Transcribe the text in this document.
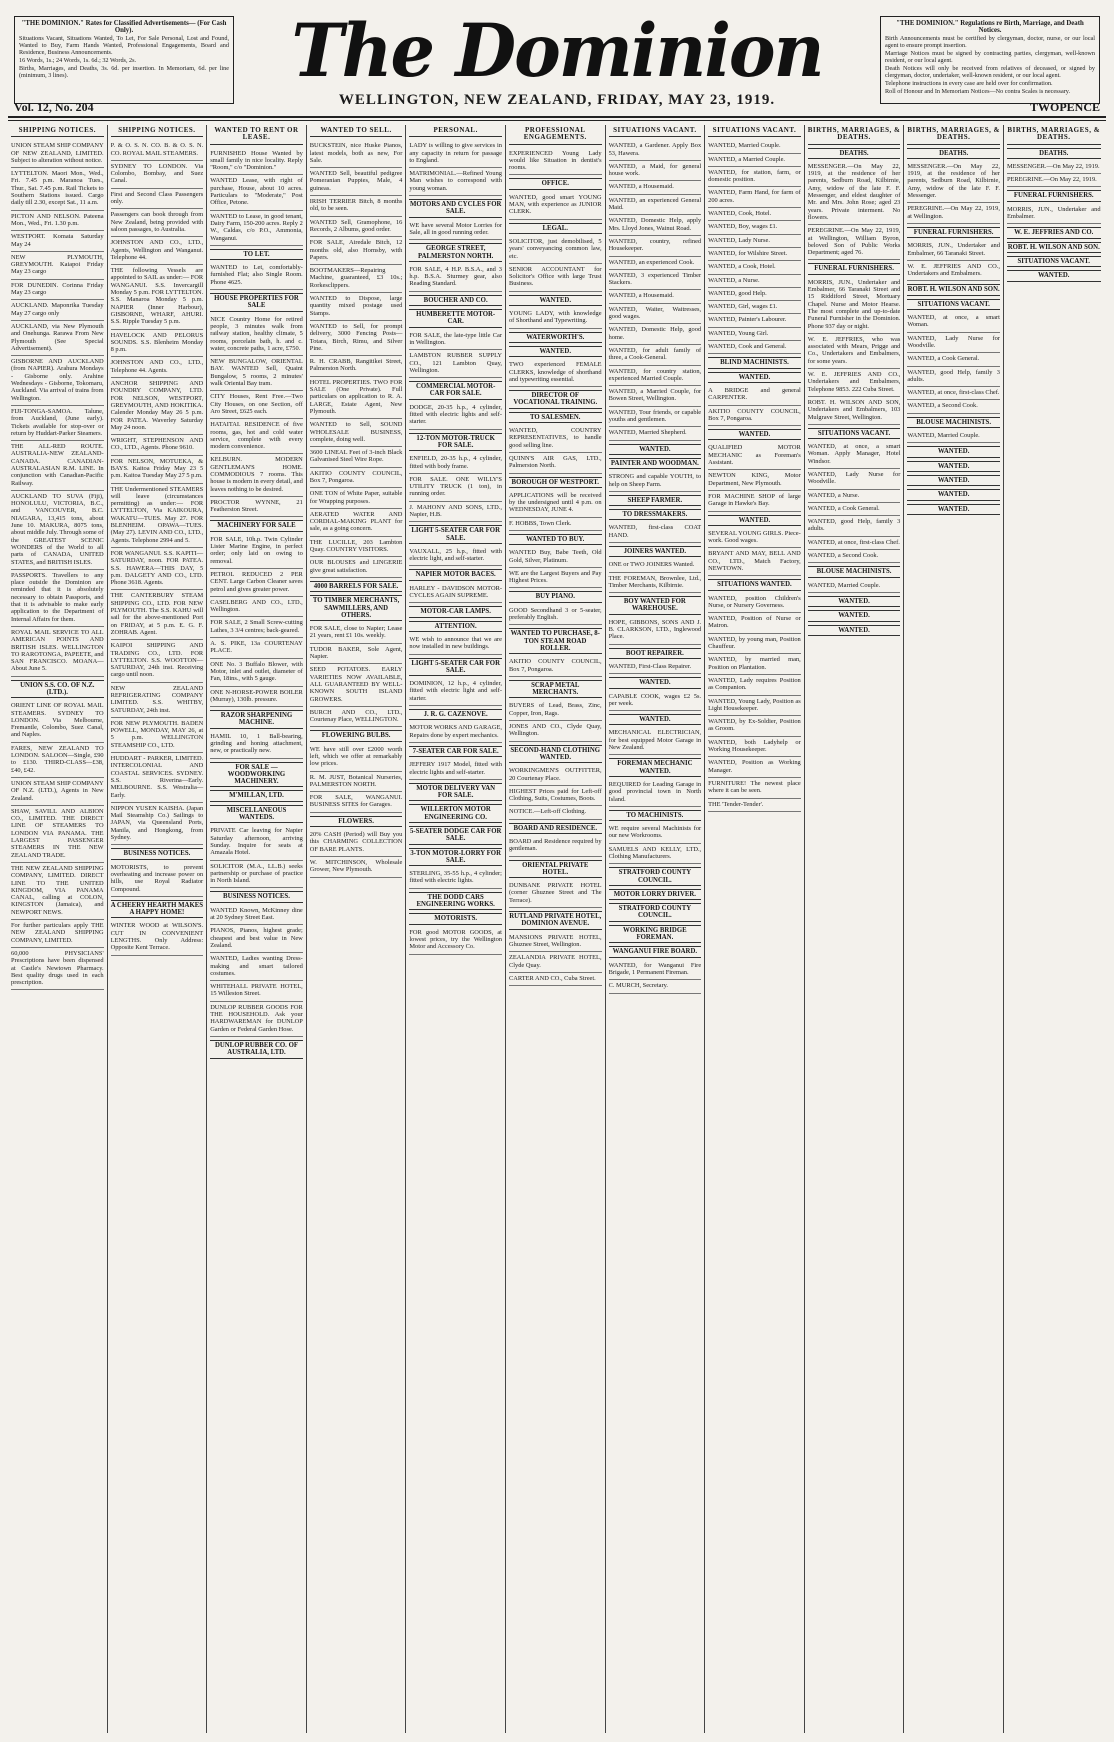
"THE DOMINION." Rates for Classified Advertisements— (For Cash Only).

Situations Vacant, Situations Wanted, To Let, For Sale Personal, Lost and Found, Wanted to Buy, Farm Hands Wanted, Professional Engagements, Board and Residence, Business Announcements.

16 Words, 1s.; 24 Words, 1s. 6d.; 32 Words, 2s.

Births, Marriages, and Deaths, 3s. 6d. per insertion. In Memoriam, 6d. per line (minimum, 3 lines).	The Dominion	"THE DOMINION." Regulations re Birth, Marriage, and Death Notices.

Birth Announcements must be certified by clergyman, doctor, nurse, or our local agent to ensure prompt insertion.

Marriage Notices must be signed by contracting parties, clergyman, well-known resident, or our local agent.

Death Notices will only be received from relatives of deceased, or signed by clergyman, doctor, undertaker, well-known resident, or our local agent.

Telephone instructions in every case are held over for confirmation.

Roll of Honour and In Memoriam Notices—No contra Scales is necessary.

WELLINGTON, NEW ZEALAND, FRIDAY, MAY 23, 1919.
Vol. 12, No. 204	TWOPENCE
SHIPPING NOTICES.
UNION STEAM SHIP COMPANY OF NEW ZEALAND, LIMITED. Subject to alteration without notice.
LYTTELTON. Maori Mon., Wed., Fri. 7.45 p.m. Maranoa Tues., Thur., Sat. 7.45 p.m. Rail Tickets to Southern Stations issued. Cargo daily till 2.30, except Sat., 11 a.m.
PICTON AND NELSON. Pateena Mon., Wed., Fri. 1.30 p.m.
WESTPORT. Komata Saturday May 24
NEW PLYMOUTH, GREYMOUTH. Kaiapoi Friday May 23 cargo
FOR DUNEDIN. Corinna Friday May 23 cargo
AUCKLAND. Maponrika Tuesday May 27 cargo only
AUCKLAND, via New Plymouth and Onehunga. Rarawa From New Plymouth (See Special Advertisement).
GISBORNE AND AUCKLAND (from NAPIER). Arahura Mondays - Gisborne only. Arahine Wednesdays - Gisborne, Tokomaru, Auckland. Via arrival of trains from Wellington.
FIJI-TONGA-SAMOA. Talune, from Auckland, (June early). Tickets available for stop-over or return by Huddart-Parker Steamers.
THE ALL-RED ROUTE. AUSTRALIA-NEW ZEALAND-CANADA. CANADIAN-AUSTRALASIAN R.M. LINE. In conjunction with Canadian-Pacific Railway.
AUCKLAND TO SUVA (Fiji), HONOLULU, VICTORIA, B.C., and VANCOUVER, B.C. NIAGARA, 13,415 tons, about June 10. MAKURA, 8075 tons, about middle July. Through some of the GREATEST SCENIC WONDERS of the World to all parts of CANADA, UNITED STATES, and BRITISH ISLES.
PASSPORTS. Travellers to any place outside the Dominion are reminded that it is absolutely necessary to obtain Passports, and that it is advisable to make early application to the Department of Internal Affairs for them.
ROYAL MAIL SERVICE TO ALL AMERICAN POINTS AND BRITISH ISLES. WELLINGTON TO RAROTONGA, PAPEETE, and SAN FRANCISCO. MOANA—About June 5.
UNION S.S. CO. OF N.Z. (LTD.).
ORIENT LINE OF ROYAL MAIL STEAMERS. SYDNEY TO LONDON. Via Melbourne, Fremantle, Colombo, Suez Canal, and Naples.
FARES, NEW ZEALAND TO LONDON. SALOON—Single, £90 to £130. THIRD-CLASS—£38, £40, £42.
UNION STEAM SHIP COMPANY OF N.Z. (LTD.), Agents in New Zealand.
SHAW, SAVILL AND ALBION CO., LIMITED. THE DIRECT LINE OF STEAMERS TO LONDON VIA PANAMA. THE LARGEST PASSENGER STEAMERS IN THE NEW ZEALAND TRADE.
THE NEW ZEALAND SHIPPING COMPANY, LIMITED. DIRECT LINE TO THE UNITED KINGDOM, VIA PANAMA CANAL, calling at COLON, KINGSTON (Jamaica), and NEWPORT NEWS.
For further particulars apply THE NEW ZEALAND SHIPPING COMPANY, LIMITED.
60,000 PHYSICIANS' Prescriptions have been dispensed at Castle's Newtown Pharmacy. Best quality drugs used in each prescription.
SHIPPING NOTICES.
P. & O. S. N. CO. B. & O. S. N. CO. ROYAL MAIL STEAMERS.
SYDNEY TO LONDON. Via Colombo, Bombay, and Suez Canal.
First and Second Class Passengers only.
Passengers can book through from New Zealand, being provided with saloon passages, to Australia.
JOHNSTON AND CO., LTD., Agents, Wellington and Wanganui. Telephone 44.
THE following Vessels are appointed to SAIL as under:— FOR WANGANUI. S.S. Invercargill Monday 5 p.m. FOR LYTTELTON. S.S. Manaroa Monday 5 p.m. NAPIER (Inner Harbour), GISBORNE, WHARF, AHURI. S.S. Ripple Tuesday 5 p.m.
HAVELOCK AND PELORUS SOUNDS. S.S. Blenheim Monday 8 p.m.
JOHNSTON AND CO., LTD., Telephone 44. Agents.
ANCHOR SHIPPING AND FOUNDRY COMPANY, LTD. FOR NELSON, WESTPORT, GREYMOUTH, AND HOKITIKA. Calender Monday May 26 5 p.m. FOR PATEA. Waverley Saturday May 24 noon.
WRIGHT, STEPHENSON AND CO., LTD., Agents. Phone 9610.
FOR NELSON, MOTUEKA, & BAYS. Kaitoa Friday May 23 5 p.m. Kaitoa Tuesday May 27 5 p.m.
THE Undermentioned STEAMERS will leave (circumstances permitting) as under:— FOR LYTTELTON, Via KAIKOURA, WAKATU—TUES. May 27. FOR BLENHEIM. OPAWA—TUES. (May 27). LEVIN AND CO., LTD., Agents. Telephone 2994 and 5.
FOR WANGANUI. S.S. KAPITI—SATURDAY, noon. FOR PATEA. S.S. HAWERA—THIS DAY, 5 p.m. DALGETY AND CO., LTD. Phone 3618. Agents.
THE CANTERBURY STEAM SHIPPING CO., LTD. FOR NEW PLYMOUTH. The S.S. KAHU will sail for the above-mentioned Port on FRIDAY, at 5 p.m. E. G. F. ZOHRAB. Agent.
KAIPOI SHIPPING AND TRADING CO., LTD. FOR LYTTELTON. S.S. WOOTTON—SATURDAY, 24th inst. Receiving cargo until noon.
NEW ZEALAND REFRIGERATING COMPANY LIMITED. S.S. WHITBY, SATURDAY, 24th inst.
FOR NEW PLYMOUTH. BADEN POWELL, MONDAY, MAY 26, at 5 p.m. WELLINGTON STEAMSHIP CO., LTD.
HUDDART - PARKER, LIMITED. INTERCOLONIAL AND COASTAL SERVICES. SYDNEY. S.S. Riverina—Early. MELBOURNE. S.S. Westralia—Early.
NIPPON YUSEN KAISHA. (Japan Mail Steamship Co.) Sailings to JAPAN, via Queensland Ports, Manila, and Hongkong, from Sydney.
BUSINESS NOTICES.
MOTORISTS, to prevent overheating and increase power on hills, use Royal Radiator Compound.
A CHEERY HEARTH MAKES A HAPPY HOME!
WINTER WOOD at WILSON'S. CUT IN CONVENIENT LENGTHS. Only Address: Opposite Kent Terrace.
WANTED TO RENT OR LEASE.
FURNISHED House Wanted by small family in nice locality. Reply "Room," c/o "Dominion."
WANTED Lease, with right of purchase, House, about 10 acres. Particulars to "Moderate," Post Office, Petone.
WANTED to Lease, in good tenant, Dairy Farm, 150-200 acres. Reply 2 W., Caldas, c/o P.O., Ammonia, Wanganui.
TO LET.
WANTED to Let, comfortably-furnished Flat; also Single Room. Phone 4625.
HOUSE PROPERTIES FOR SALE
NICE Country Home for retired people, 3 minutes walk from railway station, healthy climate, 5 rooms, porcelain bath, h. and c. water, concrete paths, 1 acre, £750.
NEW BUNGALOW, ORIENTAL BAY. WANTED Sell, Quaint Bungalow, 5 rooms, 2 minutes' walk Oriental Bay tram.
CITY Houses, Rent Free.—Two City Houses, on one Section, off Aro Street, £625 each.
HATAITAI. RESIDENCE of five rooms, gas, hot and cold water service, complete with every modern convenience.
KELBURN. MODERN GENTLEMAN'S HOME. COMMODIOUS 7 rooms. This house is modern in every detail, and leaves nothing to be desired.
PROCTOR WYNNE, 21 Featherston Street.
MACHINERY FOR SALE
FOR SALE, 10h.p. Twin Cylinder Lister Marine Engine, in perfect order; only laid on owing to removal.
PETROL REDUCED 2 PER CENT. Large Carbon Cleaner saves petrol and gives greater power.
CASELBERG AND CO., LTD., Wellington.
FOR SALE, 2 Small Screw-cutting Lathes, 3 3/4 centres; back-geared.
A. S. PIKE, 13a COURTENAY PLACE.
ONE No. 3 Buffalo Blower, with Motor, inlet and outlet, diameter of Fan, 18ins., with 5 gauge.
ONE N-HORSE-POWER BOILER (Murray), 130lb. pressure.
RAZOR SHARPENING MACHINE.
HAMIL 10, 1 Ball-bearing, grinding and honing attachment, new, or practically new.
FOR SALE — WOODWORKING MACHINERY.
M'MILLAN, LTD.
MISCELLANEOUS WANTEDS.
PRIVATE Car leaving for Napier Saturday afternoon, arriving Sunday. Inquire for seats at Amazala Hotel.
SOLICITOR (M.A., LL.B.) seeks partnership or purchase of practice in North Island.
BUSINESS NOTICES.
WANTED Known, McKinney dine at 20 Sydney Street East.
PIANOS, Pianos, highest grade; cheapest and best value in New Zealand.
WANTED, Ladies wanting Dress-making and smart tailored costumes.
WHITEHALL PRIVATE HOTEL, 15 Willeston Street.
DUNLOP RUBBER GOODS FOR THE HOUSEHOLD. Ask your HARDWAREMAN for DUNLOP Garden or Federal Garden Hose.
DUNLOP RUBBER CO. OF AUSTRALIA, LTD.
WANTED TO SELL.
BUCKSTEIN, nice Huske Pianos, latest models, both as new, For Sale.
WANTED Sell, beautiful pedigree Pomeranian Puppies, Male, 4 guineas.
IRISH TERRIER Bitch, 8 months old, to be seen.
WANTED Sell, Gramophone, 16 Records, 2 Albums, good order.
FOR SALE, Airedale Bitch, 12 months old, also Hornsby, with Papers.
BOOTMAKERS—Repairing Machine, guaranteed, £3 10s.; Rorkesclippers.
WANTED to Dispose, large quantity mixed postage used Stamps.
WANTED to Sell, for prompt delivery, 3000 Fencing Posts—Totara, Birch, Rimu, and Silver Pine.
R. H. CRABB, Rangitikei Street, Palmerston North.
HOTEL PROPERTIES. TWO FOR SALE (One Private). Full particulars on application to R. A. LARGE, Estate Agent, New Plymouth.
WANTED to Sell, SOUND WHOLESALE BUSINESS, complete, doing well.
3600 LINEAL Feet of 3-inch Black Galvanised Steel Wire Rope.
AKITIO COUNTY COUNCIL, Box 7, Pongaroa.
ONE TON of White Paper, suitable for Wrapping purposes.
AERATED WATER AND CORDIAL-MAKING PLANT for sale, as a going concern.
THE LUCILLE, 203 Lambton Quay. COUNTRY VISITORS.
OUR BLOUSES and LINGERIE give great satisfaction.
4000 BARRELS FOR SALE.
TO TIMBER MERCHANTS, SAWMILLERS, AND OTHERS.
FOR SALE, close to Napier; Lease 21 years, rent £1 10s. weekly.
TUDOR BAKER, Sole Agent, Napier.
SEED POTATOES. EARLY VARIETIES NOW AVAILABLE, ALL GUARANTEED BY WELL-KNOWN SOUTH ISLAND GROWERS.
BURCH AND CO., LTD., Courtenay Place, WELLINGTON.
FLOWERING BULBS.
WE have still over £2000 worth left, which we offer at remarkably low prices.
R. M. JUST, Botanical Nurseries, PALMERSTON NORTH.
FOR SALE, WANGANUI. BUSINESS SITES for Garages.
FLOWERS.
20% CASH (Period) will Buy you this CHARMING COLLECTION OF BARE PLANTS.
W. MITCHINSON, Wholesale Grower, New Plymouth.
PERSONAL.
LADY is willing to give services in any capacity in return for passage to England.
MATRIMONIAL.—Refined Young Man wishes to correspond with young woman.
MOTORS AND CYCLES FOR SALE.
WE have several Motor Lorries for Sale, all in good running order.
GEORGE STREET, PALMERSTON NORTH.
FOR SALE, 4 H.P. B.S.A., and 3 h.p. B.S.A. Sturmey gear, also Reading Standard.
BOUCHER AND CO.
HUMBERETTE MOTOR-CAR.
FOR SALE, the late-type little Car in Wellington.
LAMBTON RUBBER SUPPLY CO., 121 Lambton Quay, Wellington.
COMMERCIAL MOTOR-CAR FOR SALE.
DODGE, 20-35 h.p., 4 cylinder, fitted with electric lights and self-starter.
12-TON MOTOR-TRUCK FOR SALE.
ENFIELD, 20-35 h.p., 4 cylinder, fitted with body frame.
FOR SALE. ONE WILLY'S UTILITY TRUCK (1 ton), in running order.
J. MAHONY AND SONS, LTD., Napier, H.B.
LIGHT 5-SEATER CAR FOR SALE.
VAUXALL, 25 h.p., fitted with electric light, and self-starter.
NAPIER MOTOR BACES.
HARLEY - DAVIDSON MOTOR-CYCLES AGAIN SUPREME.
MOTOR-CAR LAMPS.
ATTENTION.
WE wish to announce that we are now installed in new buildings.
LIGHT 5-SEATER CAR FOR SALE.
DOMINION, 12 h.p., 4 cylinder, fitted with electric light and self-starter.
J. R. G. CAZENOVE.
MOTOR WORKS AND GARAGE, Repairs done by expert mechanics.
7-SEATER CAR FOR SALE.
JEFFERY 1917 Model, fitted with electric lights and self-starter.
MOTOR DELIVERY VAN FOR SALE.
WILLERTON MOTOR ENGINEERING CO.
5-SEATER DODGE CAR FOR SALE.
3-TON MOTOR-LORRY FOR SALE.
STERLING, 35-55 h.p., 4 cylinder; fitted with electric lights.
THE DODD CARS ENGINEERING WORKS.
MOTORISTS.
FOR good MOTOR GOODS, at lowest prices, try the Wellington Motor and Accessory Co.
PROFESSIONAL ENGAGEMENTS.
EXPERIENCED Young Lady would like Situation in dentist's rooms.
OFFICE.
WANTED, good smart YOUNG MAN, with experience as JUNIOR CLERK.
LEGAL.
SOLICITOR, just demobilised, 5 years' conveyancing common law, etc.
SENIOR ACCOUNTANT for Solicitor's Office with large Trust Business.
WANTED.
YOUNG LADY, with knowledge of Shorthand and Typewriting.
WATERWORTH'S.
WANTED.
TWO experienced FEMALE CLERKS, knowledge of shorthand and typewriting essential.
DIRECTOR OF VOCATIONAL TRAINING.
TO SALESMEN.
WANTED, COUNTRY REPRESENTATIVES, to handle good selling line.
QUINN'S AIR GAS, LTD., Palmerston North.
BOROUGH OF WESTPORT.
APPLICATIONS will be received by the undersigned until 4 p.m. on WEDNESDAY, JUNE 4.
F. HOBBS, Town Clerk.
WANTED TO BUY.
WANTED Buy, Babe Teeth, Old Gold, Silver, Platinum.
WE are the Largest Buyers and Pay Highest Prices.
BUY PIANO.
GOOD Secondhand 3 or 5-seater, preferably English.
WANTED TO PURCHASE, 8-TON STEAM ROAD ROLLER.
AKITIO COUNTY COUNCIL, Box 7, Pongaroa.
SCRAP METAL MERCHANTS.
BUYERS of Lead, Brass, Zinc, Copper, Iron, Rags.
JONES AND CO., Clyde Quay, Wellington.
SECOND-HAND CLOTHING WANTED.
WORKINGMEN'S OUTFITTER, 20 Courtenay Place.
HIGHEST Prices paid for Left-off Clothing, Suits, Costumes, Boots.
NOTICE.—Left-off Clothing.
BOARD AND RESIDENCE.
BOARD and Residence required by gentleman.
ORIENTAL PRIVATE HOTEL.
DUNBANE PRIVATE HOTEL (corner Ghuznee Street and The Terrace).
RUTLAND PRIVATE HOTEL, DOMINION AVENUE.
MANSIONS PRIVATE HOTEL, Ghuznee Street, Wellington.
ZEALANDIA PRIVATE HOTEL, Clyde Quay.
CARTER AND CO., Cuba Street.
SITUATIONS VACANT.
WANTED, a Gardener. Apply Box 53, Hawera.
WANTED, a Maid, for general house work.
WANTED, a Housemaid.
WANTED, an experienced General Maid.
WANTED, Domestic Help, apply Mrs. Lloyd Jones, Wainui Road.
WANTED, country, refined Housekeeper.
WANTED, an experienced Cook.
WANTED, 3 experienced Timber Stackers.
WANTED, a Housemaid.
WANTED, Waiter, Waitresses, good wages.
WANTED, Domestic Help, good home.
WANTED, for adult family of three, a Cook-General.
WANTED, for country station, experienced Married Couple.
WANTED, a Married Couple, for Bowen Street, Wellington.
WANTED, Tour friends, or capable youths and gentlemen.
WANTED, Married Shepherd.
WANTED.
PAINTER AND WOODMAN.
STRONG and capable YOUTH, to help on Sheep Farm.
SHEEP FARMER.
TO DRESSMAKERS.
WANTED, first-class COAT HAND.
JOINERS WANTED.
ONE or TWO JOINERS Wanted.
THE FOREMAN, Brownlee, Ltd., Timber Merchants, Kilbirnie.
BOY WANTED FOR WAREHOUSE.
HOPE, GIBBONS, SONS AND J. B. CLARKSON, LTD., Inglewood Place.
BOOT REPAIRER.
WANTED, First-Class Repairer.
WANTED.
CAPABLE COOK, wages £2 5s. per week.
WANTED.
MECHANICAL ELECTRICIAN, for best equipped Motor Garage in New Zealand.
FOREMAN MECHANIC WANTED.
REQUIRED for Leading Garage in good provincial town in North Island.
TO MACHINISTS.
WE require several Machinists for our new Workrooms.
SAMUELS AND KELLY, LTD., Clothing Manufacturers.
STRATFORD COUNTY COUNCIL.
MOTOR LORRY DRIVER.
STRATFORD COUNTY COUNCIL.
WORKING BRIDGE FOREMAN.
WANGANUI FIRE BOARD.
WANTED, for Wanganui Fire Brigade, 1 Permanent Fireman.
C. MURCH, Secretary.
SITUATIONS VACANT.
WANTED, Married Couple.
WANTED, a Married Couple.
WANTED, for station, farm, or domestic position.
WANTED, Farm Hand, for farm of 200 acres.
WANTED, Cook, Hotel.
WANTED, Boy, wages £1.
WANTED, Lady Nurse.
WANTED, for Wilshire Street.
WANTED, a Cook, Hotel.
WANTED, a Nurse.
WANTED, good Help.
WANTED, Girl, wages £1.
WANTED, Painter's Labourer.
WANTED, Young Girl.
WANTED, Cook and General.
BLIND MACHINISTS.
WANTED.
A BRIDGE and general CARPENTER.
AKITIO COUNTY COUNCIL, Box 7, Pongaroa.
WANTED.
QUALIFIED MOTOR MECHANIC as Foreman's Assistant.
NEWTON KING, Motor Department, New Plymouth.
FOR MACHINE SHOP of large Garage in Hawke's Bay.
WANTED.
SEVERAL YOUNG GIRLS. Piece-work. Good wages.
BRYANT AND MAY, BELL AND CO., LTD., Match Factory, NEWTOWN.
SITUATIONS WANTED.
WANTED, position Children's Nurse, or Nursery Governess.
WANTED, Position of Nurse or Matron.
WANTED, by young man, Position Chauffeur.
WANTED, by married man, Position on Plantation.
WANTED, Lady requires Position as Companion.
WANTED, Young Lady, Position as Light Housekeeper.
WANTED, by Ex-Soldier, Position as Groom.
WANTED, both Ladyhelp or Working Housekeeper.
WANTED, Position as Working Manager.
FURNITURE! The newest place where it can be seen.
THE 'Tender-Tender'.
BIRTHS, MARRIAGES, & DEATHS.
DEATHS.
MESSENGER.—On May 22, 1919, at the residence of her parents, Sedburn Road, Kilbirnie, Amy, widow of the late F. F. Messenger, and eldest daughter of Mr. and Mrs. John Rose; aged 23 years. Private interment. No flowers.
PEREGRINE.—On May 22, 1919, at Wellington, William Byron, beloved Son of Public Works Department; aged 76.
FUNERAL FURNISHERS.
MORRIS, JUN., Undertaker and Embalmer, 66 Taranaki Street and 15 Riddiford Street, Mortuary Chapel. Nurse and Motor Hearse. The most complete and up-to-date Funeral Furnisher in the Dominion. Phone 937 day or night.
W. E. JEFFRIES, who was associated with Mears, Prigge and Co., Undertakers and Embalmers, for some years.
W. E. JEFFRIES AND CO., Undertakers and Embalmers, Telephone 9853. 222 Cuba Street.
ROBT. H. WILSON AND SON, Undertakers and Embalmers, 103 Mulgrave Street, Wellington.
SITUATIONS VACANT.
WANTED, at once, a smart Woman. Apply Manager, Hotel Windsor.
WANTED, Lady Nurse for Woodville.
WANTED, a Nurse.
WANTED, a Cook General.
WANTED, good Help, family 3 adults.
WANTED, at once, first-class Chef.
WANTED, a Second Cook.
BLOUSE MACHINISTS.
WANTED, Married Couple.
WANTED.
WANTED.
WANTED.
BIRTHS, MARRIAGES, & DEATHS.
DEATHS.
MESSENGER.—On May 22, 1919, at the residence of her parents, Sedburn Road, Kilbirnie, Amy, widow of the late F. F. Messenger.
PEREGRINE.—On May 22, 1919, at Wellington.
FUNERAL FURNISHERS.
MORRIS, JUN., Undertaker and Embalmer, 66 Taranaki Street.
W. E. JEFFRIES AND CO., Undertakers and Embalmers.
ROBT. H. WILSON AND SON.
SITUATIONS VACANT.
WANTED, at once, a smart Woman.
WANTED, Lady Nurse for Woodville.
WANTED, a Cook General.
WANTED, good Help, family 3 adults.
WANTED, at once, first-class Chef.
WANTED, a Second Cook.
BLOUSE MACHINISTS.
WANTED, Married Couple.
WANTED.
WANTED.
WANTED.
WANTED.
WANTED.
BIRTHS, MARRIAGES, & DEATHS.
DEATHS.
MESSENGER.—On May 22, 1919.
PEREGRINE.—On May 22, 1919.
FUNERAL FURNISHERS.
MORRIS, JUN., Undertaker and Embalmer.
W. E. JEFFRIES AND CO.
ROBT. H. WILSON AND SON.
SITUATIONS VACANT.
WANTED.
